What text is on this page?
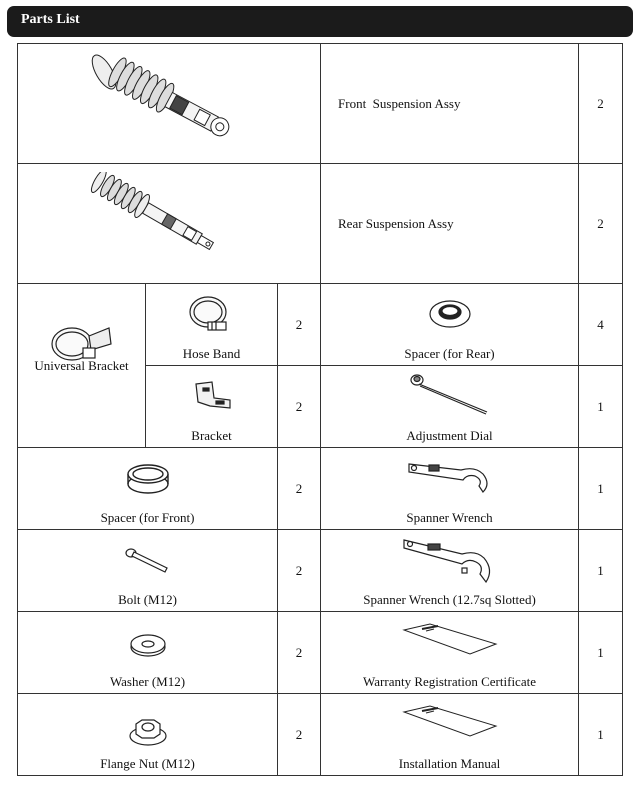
Parts List

Front  Suspension Assy	2

Rear Suspension Assy	2

Universal Bracket	Hose Band	2	Spacer (for Rear)	4

	Bracket	2	Adjustment Dial	1

Spacer (for Front)		2	Spanner Wrench	1

Bolt (M12)		2	Spanner Wrench (12.7sq Slotted)	1

Washer (M12)		2	Warranty Registration Certificate	1

Flange Nut (M12)		2	Installation Manual	1
